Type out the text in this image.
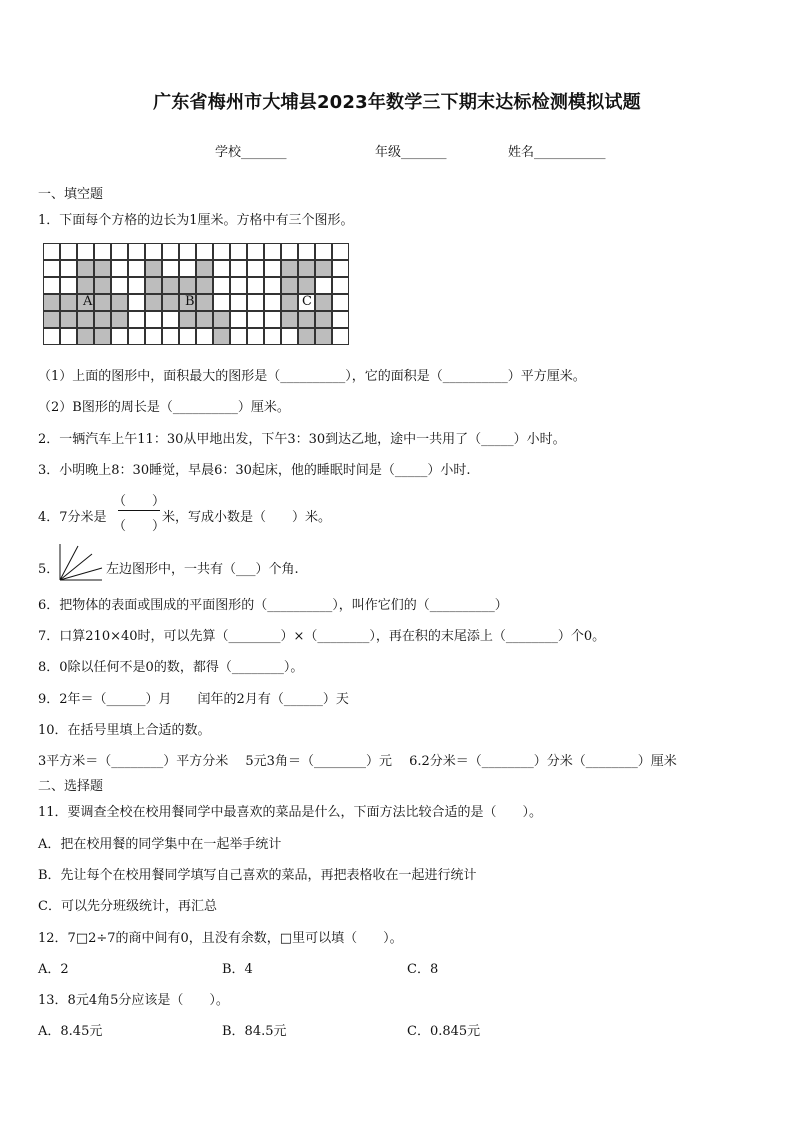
广东省梅州市大埔县2023年数学三下期末达标检测模拟试题
学校_______	年级_______	姓名___________
一、填空题
1．下面每个方格的边长为1厘米。方格中有三个图形。
A	B	C
（1）上面的图形中，面积最大的图形是（__________），它的面积是（__________）平方厘米。
（2）B图形的周长是（__________）厘米。
2．一辆汽车上午11：30从甲地出发，下午3：30到达乙地，途中一共用了（_____）小时。
3．小明晚上8：30睡觉，早晨6：30起床，他的睡眠时间是（_____）小时.
4．7分米是
（　　）
（　　）
米，写成小数是（　　）米。
5．	左边图形中，一共有（___）个角.
6．把物体的表面或围成的平面图形的（__________），叫作它们的（__________）
7．口算210×40时，可以先算（________）×（________），再在积的末尾添上（________）个0。
8．0除以任何不是0的数，都得（________）。
9．2年＝（______）月　　闰年的2月有（______）天
10．在括号里填上合适的数。
3平方米＝（________）平方分米　 5元3角＝（________）元　 6.2分米＝（________）分米（________）厘米
二、选择题
11．要调查全校在校用餐同学中最喜欢的菜品是什么，下面方法比较合适的是（　　）。
A．把在校用餐的同学集中在一起举手统计
B．先让每个在校用餐同学填写自己喜欢的菜品，再把表格收在一起进行统计
C．可以先分班级统计，再汇总
12．7□2÷7的商中间有0，且没有余数，□里可以填（　　）。
A．2	B．4	C．8
13．8元4角5分应该是（　　）。
A．8.45元	B．84.5元	C．0.845元
